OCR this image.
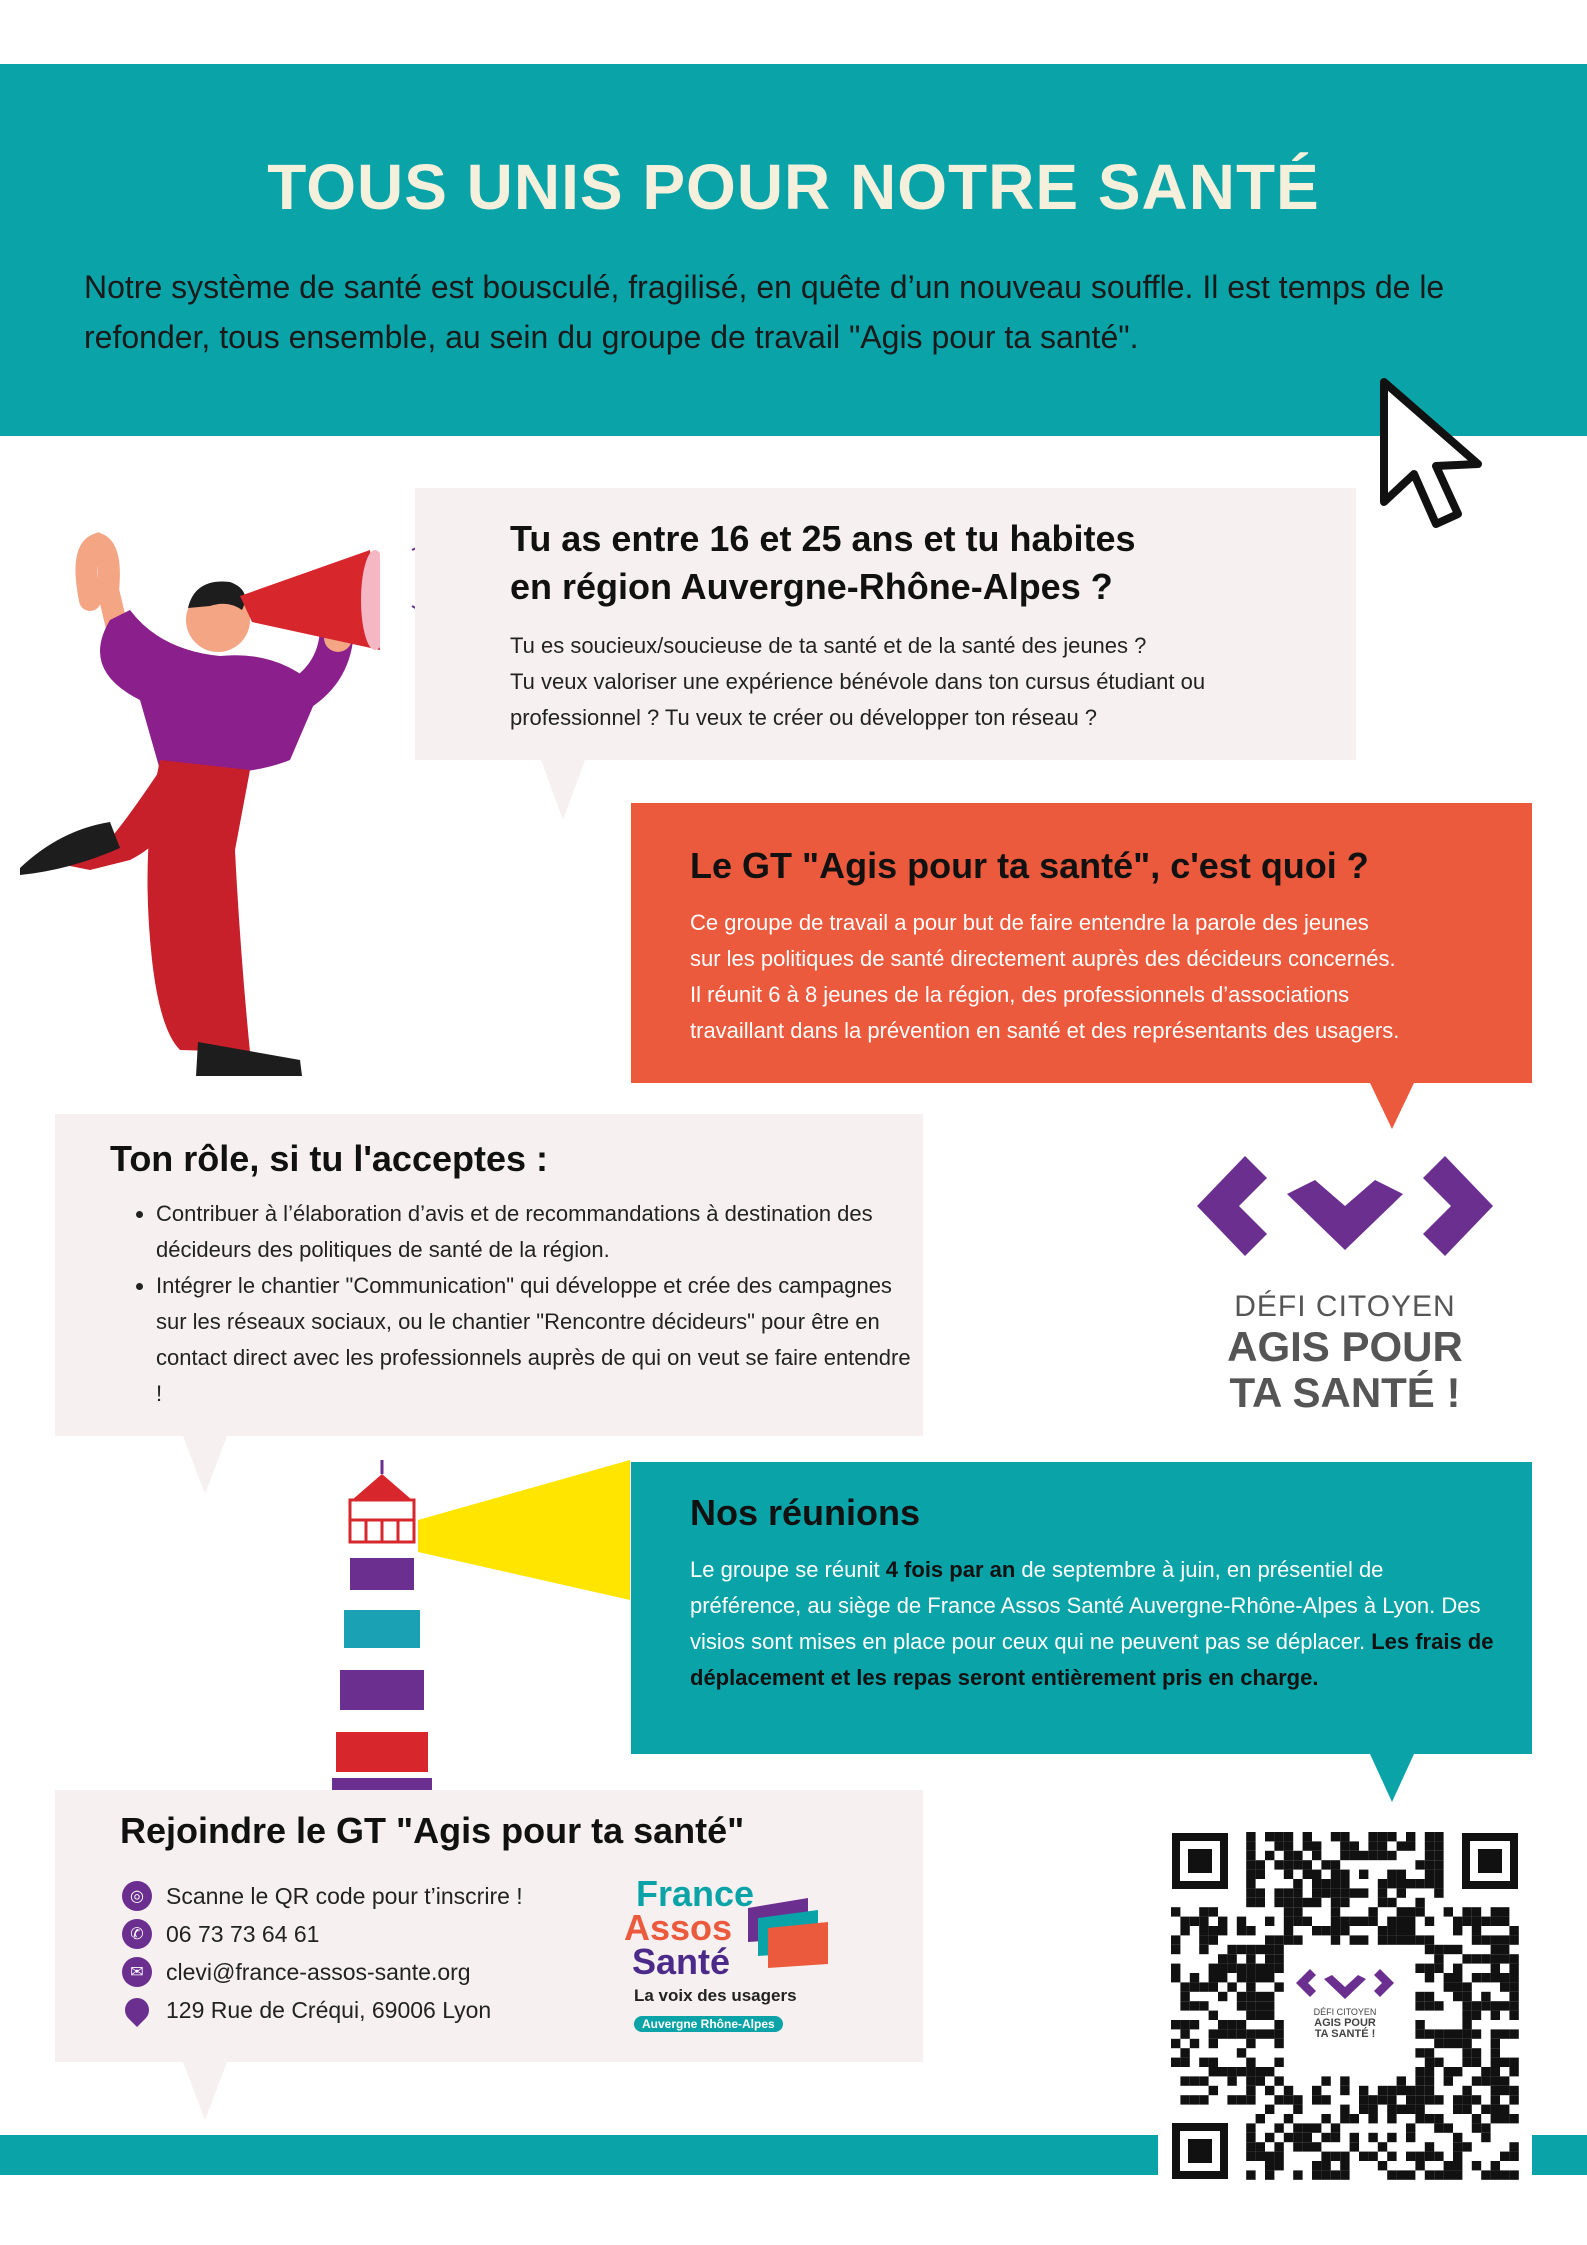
TOUS UNIS POUR NOTRE SANTÉ
Notre système de santé est bousculé, fragilisé, en quête d’un nouveau souffle. Il est temps de le refonder, tous ensemble, au sein du groupe de travail "Agis pour ta santé".
Tu as entre 16 et 25 ans et tu habites
en région Auvergne-Rhône-Alpes ?
Tu es soucieux/soucieuse de ta santé et de la santé des jeunes ?
Tu veux valoriser une expérience bénévole dans ton cursus étudiant ou
professionnel ? Tu veux te créer ou développer ton réseau ?
Le GT "Agis pour ta santé", c'est quoi ?
Ce groupe de travail a pour but de faire entendre la parole des jeunes
sur les politiques de santé directement auprès des décideurs concernés.
Il réunit 6 à 8 jeunes de la région, des professionnels d’associations
travaillant dans la prévention en santé et des représentants des usagers.
Ton rôle, si tu l'acceptes :
• Contribuer à l’élaboration d’avis et de recommandations à destination des décideurs des politiques de santé de la région.
• Intégrer le chantier "Communication" qui développe et crée des campagnes sur les réseaux sociaux, ou le chantier "Rencontre décideurs" pour être en contact direct avec les professionnels auprès de qui on veut se faire entendre !
DÉFI CITOYEN
AGIS POUR
TA SANTÉ !
Nos réunions
Le groupe se réunit 4 fois par an de septembre à juin, en présentiel de préférence, au siège de France Assos Santé Auvergne-Rhône-Alpes à Lyon. Des visios sont mises en place pour ceux qui ne peuvent pas se déplacer. Les frais de déplacement et les repas seront entièrement pris en charge.
Rejoindre le GT "Agis pour ta santé"
◎ Scanne le QR code pour t’inscrire !
✆ 06 73 73 64 61
✉ clevi@france-assos-sante.org
129 Rue de Créqui, 69006 Lyon
France
Assos
Santé
La voix des usagers
Auvergne Rhône-Alpes
DÉFI CITOYEN
AGIS POUR
TA SANTÉ !
